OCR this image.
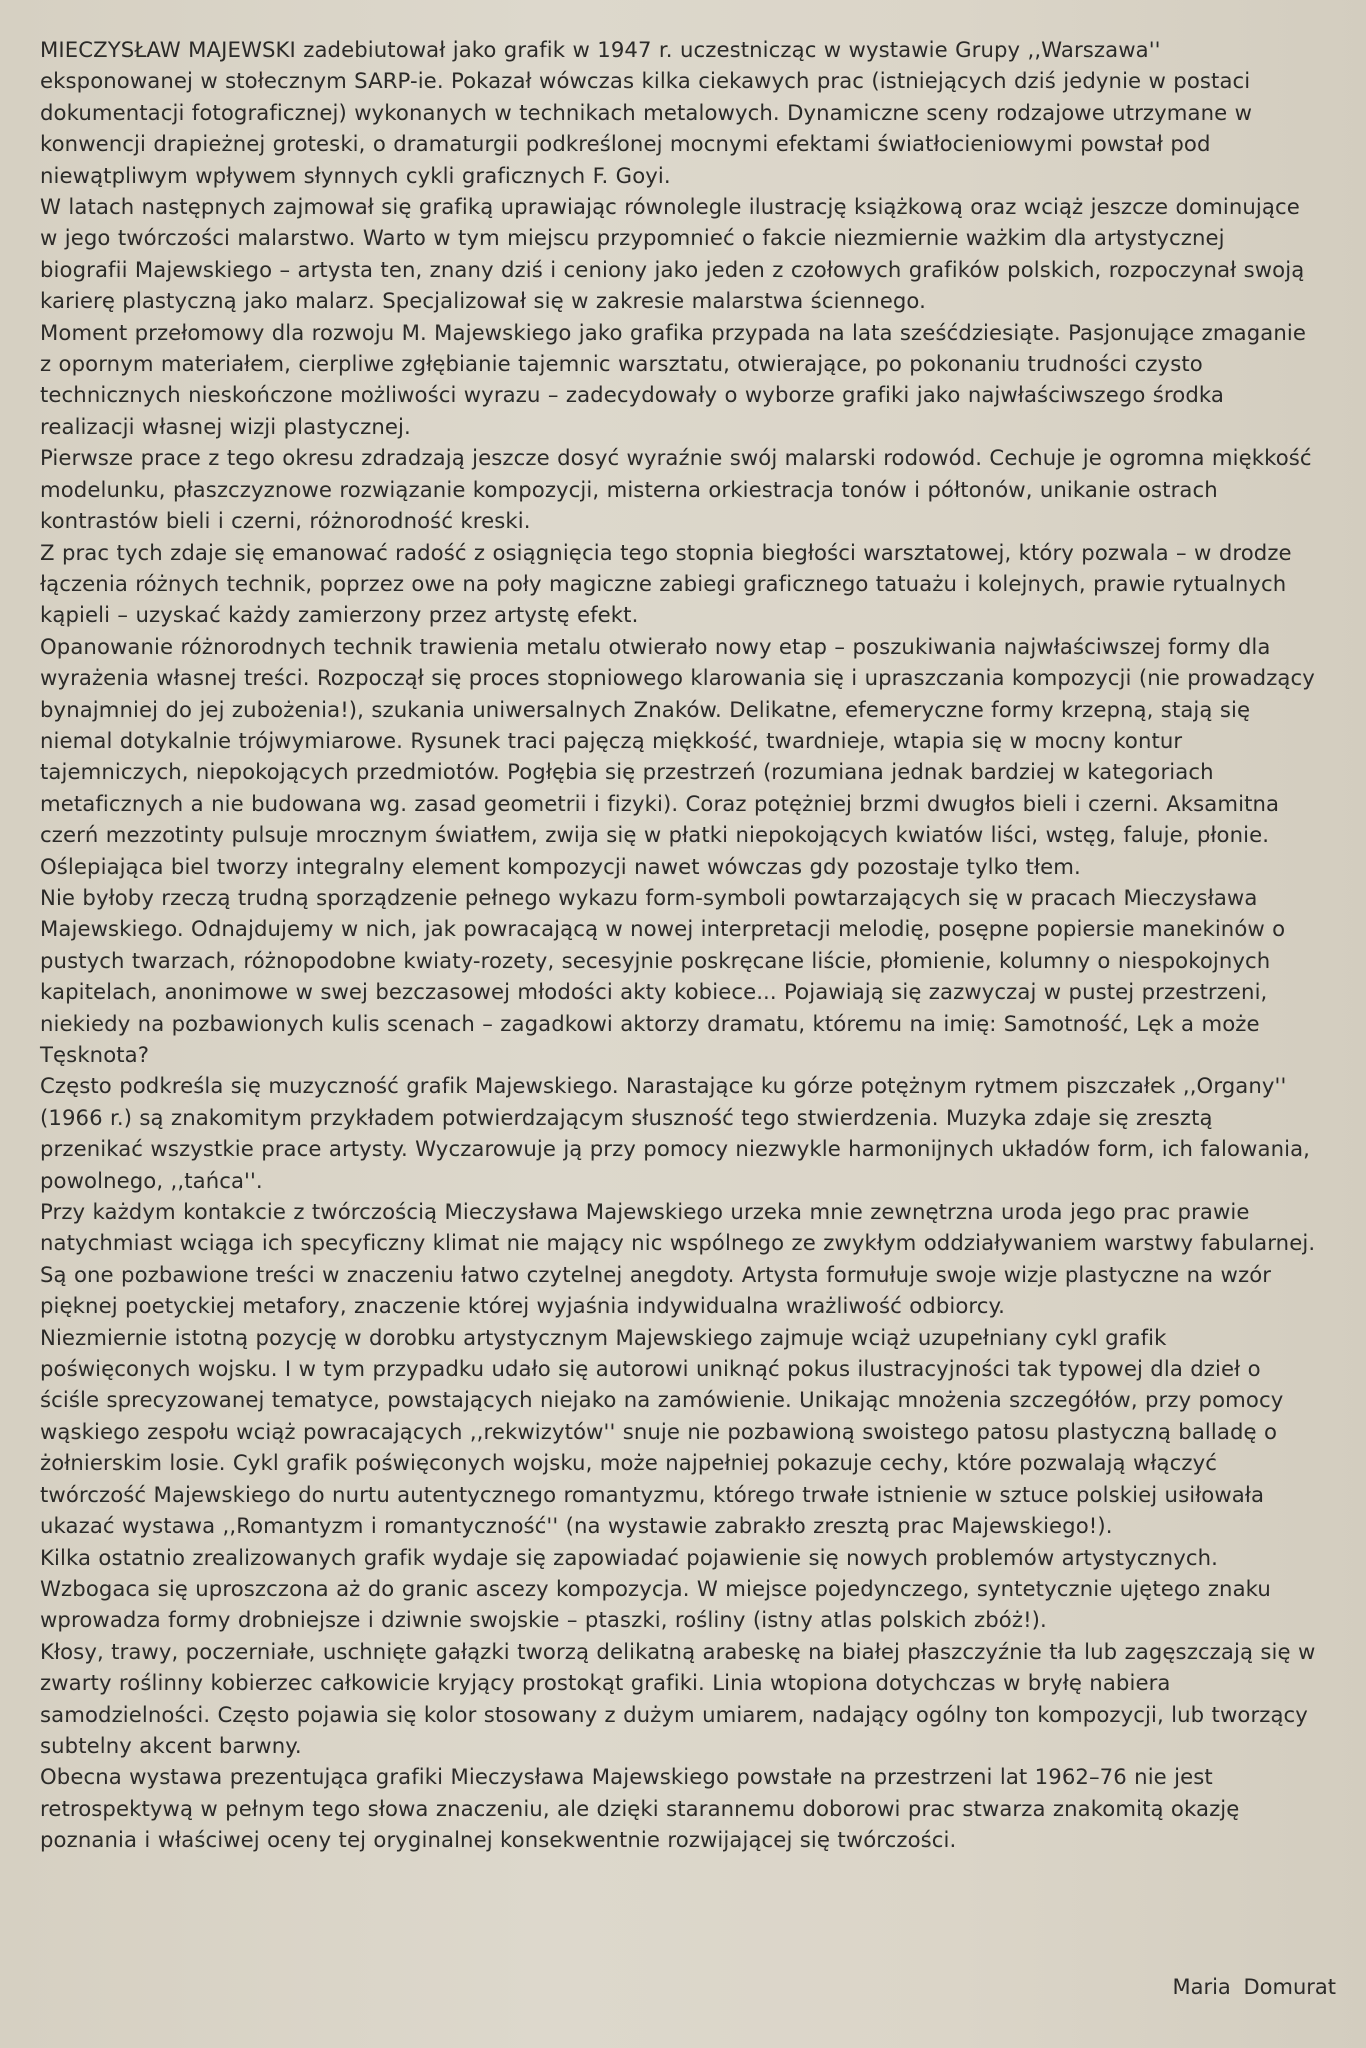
MIECZYSŁAW MAJEWSKI zadebiutował jako grafik w 1947 r. uczestnicząc w wystawie Grupy ,,Warszawa'' eksponowanej w stołecznym SARP-ie. Pokazał wówczas kilka ciekawych prac (istniejących dziś jedynie w postaci dokumentacji fotograficznej) wykonanych w technikach metalowych. Dynamiczne sceny rodzajowe utrzymane w konwencji drapieżnej groteski, o dramaturgii podkreślonej mocnymi efektami światłocieniowymi powstał pod niewątpliwym wpływem słynnych cykli graficznych F. Goyi.

W latach następnych zajmował się grafiką uprawiając równolegle ilustrację książkową oraz wciąż jeszcze dominujące w jego twórczości malarstwo. Warto w tym miejscu przypomnieć o fakcie niezmiernie ważkim dla artystycznej biografii Majewskiego – artysta ten, znany dziś i ceniony jako jeden z czołowych grafików polskich, rozpoczynał swoją karierę plastyczną jako malarz. Specjalizował się w zakresie malarstwa ściennego.

Moment przełomowy dla rozwoju M. Majewskiego jako grafika przypada na lata sześćdziesiąte. Pasjonujące zmaganie z opornym materiałem, cierpliwe zgłębianie tajemnic warsztatu, otwierające, po pokonaniu trudności czysto technicznych nieskończone możliwości wyrazu – zadecydowały o wyborze grafiki jako najwłaściwszego środka realizacji własnej wizji plastycznej.

Pierwsze prace z tego okresu zdradzają jeszcze dosyć wyraźnie swój malarski rodowód. Cechuje je ogromna miękkość modelunku, płaszczyznowe rozwiązanie kompozycji, misterna orkiestracja tonów i półtonów, unikanie ostrach kontrastów bieli i czerni, różnorodność kreski.

Z prac tych zdaje się emanować radość z osiągnięcia tego stopnia biegłości warsztatowej, który pozwala – w drodze łączenia różnych technik, poprzez owe na poły magiczne zabiegi graficznego tatuażu i kolejnych, prawie rytualnych kąpieli – uzyskać każdy zamierzony przez artystę efekt.

Opanowanie różnorodnych technik trawienia metalu otwierało nowy etap – poszukiwania najwłaściwszej formy dla wyrażenia własnej treści. Rozpoczął się proces stopniowego klarowania się i upraszczania kompozycji (nie prowadzący bynajmniej do jej zubożenia!), szukania uniwersalnych Znaków. Delikatne, efemeryczne formy krzepną, stają się niemal dotykalnie trójwymiarowe. Rysunek traci pajęczą miękkość, twardnieje, wtapia się w mocny kontur tajemniczych, niepokojących przedmiotów. Pogłębia się przestrzeń (rozumiana jednak bardziej w kategoriach metaficznych a nie budowana wg. zasad geometrii i fizyki). Coraz potężniej brzmi dwugłos bieli i czerni. Aksamitna czerń mezzotinty pulsuje mrocznym światłem, zwija się w płatki niepokojących kwiatów liści, wstęg, faluje, płonie. Oślepiająca biel tworzy integralny element kompozycji nawet wówczas gdy pozostaje tylko tłem.

Nie byłoby rzeczą trudną sporządzenie pełnego wykazu form-symboli powtarzających się w pracach Mieczysława Majewskiego. Odnajdujemy w nich, jak powracającą w nowej interpretacji melodię, posępne popiersie manekinów o pustych twarzach, różnopodobne kwiaty-rozety, secesyjnie poskręcane liście, płomienie, kolumny o niespokojnych kapitelach, anonimowe w swej bezczasowej młodości akty kobiece... Pojawiają się zazwyczaj w pustej przestrzeni, niekiedy na pozbawionych kulis scenach – zagadkowi aktorzy dramatu, któremu na imię: Samotność, Lęk a może Tęsknota?

Często podkreśla się muzyczność grafik Majewskiego. Narastające ku górze potężnym rytmem piszczałek ,,Organy'' (1966 r.) są znakomitym przykładem potwierdzającym słuszność tego stwierdzenia. Muzyka zdaje się zresztą przenikać wszystkie prace artysty. Wyczarowuje ją przy pomocy niezwykle harmonijnych układów form, ich falowania, powolnego, ,,tańca''.

Przy każdym kontakcie z twórczością Mieczysława Majewskiego urzeka mnie zewnętrzna uroda jego prac prawie natychmiast wciąga ich specyficzny klimat nie mający nic wspólnego ze zwykłym oddziaływaniem warstwy fabularnej. Są one pozbawione treści w znaczeniu łatwo czytelnej anegdoty. Artysta formułuje swoje wizje plastyczne na wzór pięknej poetyckiej metafory, znaczenie której wyjaśnia indywidualna wrażliwość odbiorcy.

Niezmiernie istotną pozycję w dorobku artystycznym Majewskiego zajmuje wciąż uzupełniany cykl grafik poświęconych wojsku. I w tym przypadku udało się autorowi uniknąć pokus ilustracyjności tak typowej dla dzieł o ściśle sprecyzowanej tematyce, powstających niejako na zamówienie. Unikając mnożenia szczegółów, przy pomocy wąskiego zespołu wciąż powracających ,,rekwizytów'' snuje nie pozbawioną swoistego patosu plastyczną balladę o żołnierskim losie. Cykl grafik poświęconych wojsku, może najpełniej pokazuje cechy, które pozwalają włączyć twórczość Majewskiego do nurtu autentycznego romantyzmu, którego trwałe istnienie w sztuce polskiej usiłowała ukazać wystawa ,,Romantyzm i romantyczność'' (na wystawie zabrakło zresztą prac Majewskiego!).

Kilka ostatnio zrealizowanych grafik wydaje się zapowiadać pojawienie się nowych problemów artystycznych. Wzbogaca się uproszczona aż do granic ascezy kompozycja. W miejsce pojedynczego, syntetycznie ujętego znaku wprowadza formy drobniejsze i dziwnie swojskie – ptaszki, rośliny (istny atlas polskich zbóż!).

Kłosy, trawy, poczerniałe, uschnięte gałązki tworzą delikatną arabeskę na białej płaszczyźnie tła lub zagęszczają się w zwarty roślinny kobierzec całkowicie kryjący prostokąt grafiki. Linia wtopiona dotychczas w bryłę nabiera samodzielności. Często pojawia się kolor stosowany z dużym umiarem, nadający ogólny ton kompozycji, lub tworzący subtelny akcent barwny.

Obecna wystawa prezentująca grafiki Mieczysława Majewskiego powstałe na przestrzeni lat 1962–76 nie jest retrospektywą w pełnym tego słowa znaczeniu, ale dzięki starannemu doborowi prac stwarza znakomitą okazję poznania i właściwej oceny tej oryginalnej konsekwentnie rozwijającej się twórczości.

Maria Domurat
